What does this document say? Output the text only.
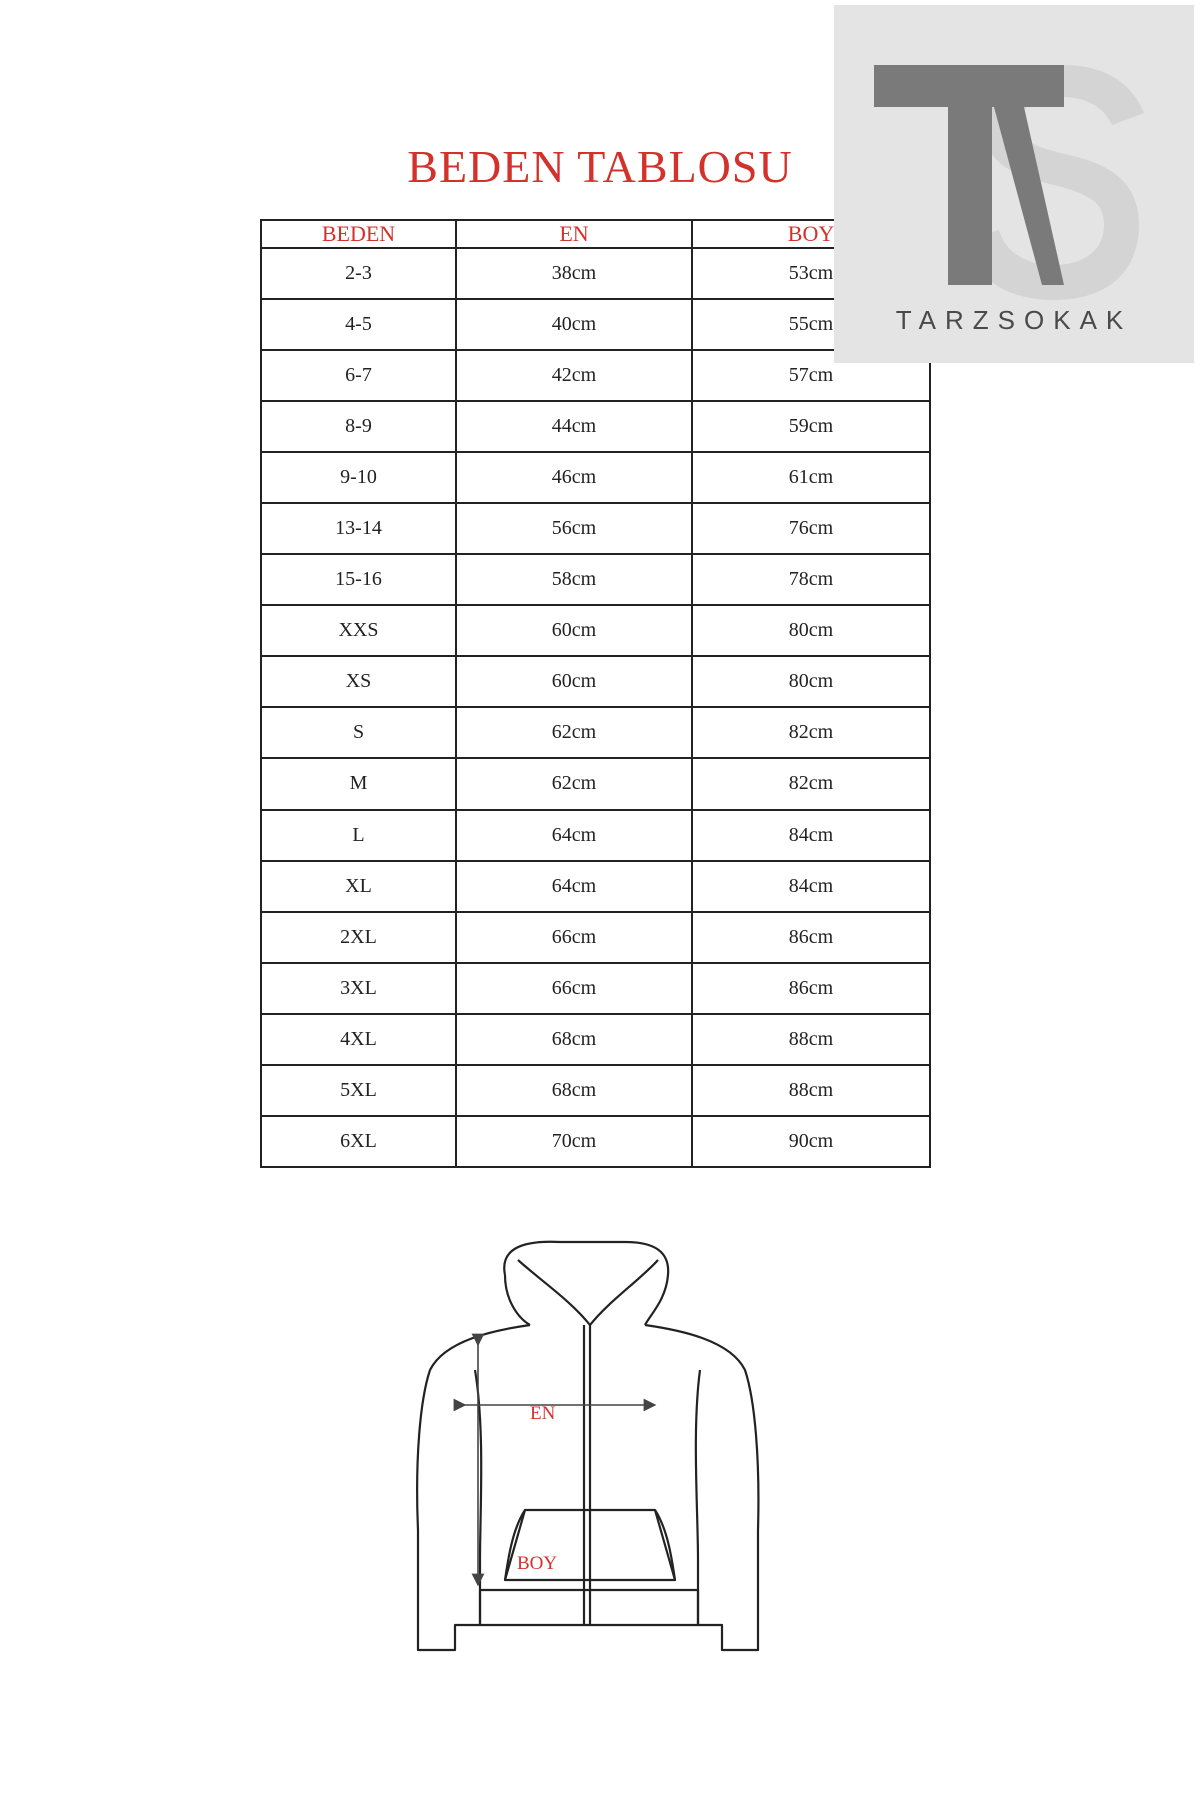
BEDEN TABLOSU
BEDEN	EN	BOY
2-3	38cm	53cm
4-5	40cm	55cm
6-7	42cm	57cm
8-9	44cm	59cm
9-10	46cm	61cm
13-14	56cm	76cm
15-16	58cm	78cm
XXS	60cm	80cm
XS	60cm	80cm
S	62cm	82cm
M	62cm	82cm
L	64cm	84cm
XL	64cm	84cm
2XL	66cm	86cm
3XL	66cm	86cm
4XL	68cm	88cm
5XL	68cm	88cm
6XL	70cm	90cm
TARZSOKAK
EN
BOY
